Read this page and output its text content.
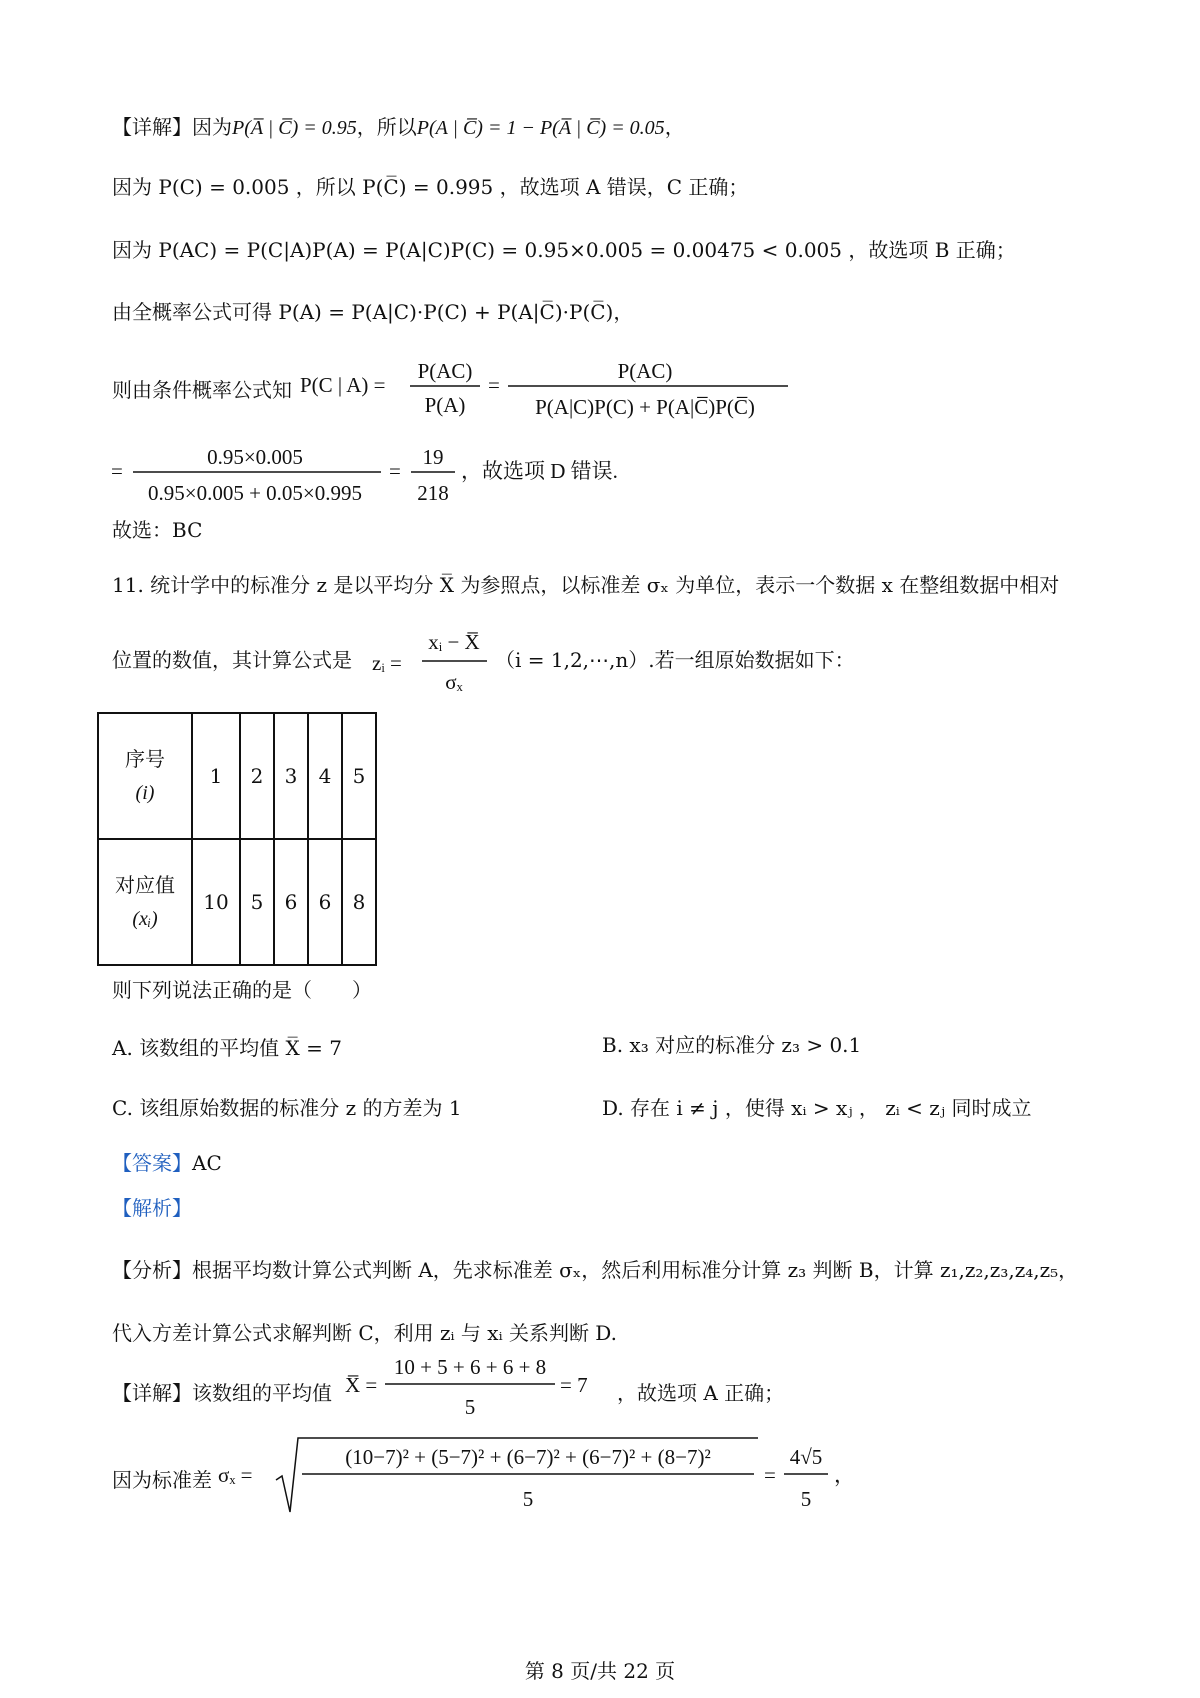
【详解】因为P(A̅ | C̅) = 0.95，所以P(A | C̅) = 1 − P(A̅ | C̅) = 0.05，
因为 P(C) = 0.005 ，所以 P(C̅) = 0.995 ，故选项 A 错误，C 正确；
因为 P(AC) = P(C|A)P(A) = P(A|C)P(C) = 0.95×0.005 = 0.00475 < 0.005 ，故选项 B 正确；
由全概率公式可得 P(A) = P(A|C)·P(C) + P(A|C̅)·P(C̅)，
则由条件概率公式知 P(C | A) =
P(AC)
P(A)
=
P(AC)
P(A|C)P(C) + P(A|C̅)P(C̅)
=
0.95×0.005
0.95×0.005 + 0.05×0.995
=
19
218
，故选项 D 错误.
故选：BC
11. 统计学中的标准分 z 是以平均分 X̅ 为参照点，以标准差 σₓ 为单位，表示一个数据 x 在整组数据中相对
位置的数值，其计算公式是 zᵢ =
xᵢ − X̅
σₓ
（i = 1,2,⋯,n）.若一组原始数据如下：
序号
(i)	1	2	3	4	5

对应值
(xᵢ)	10	5	6	6	8
则下列说法正确的是（　　）
A. 该数组的平均值 X̅ = 7	B. x₃ 对应的标准分 z₃ > 0.1
C. 该组原始数据的标准分 z 的方差为 1	D. 存在 i ≠ j ，使得 xᵢ > xⱼ ， zᵢ < zⱼ 同时成立
【答案】AC
【解析】
【分析】根据平均数计算公式判断 A，先求标准差 σₓ，然后利用标准分计算 z₃ 判断 B，计算 z₁,z₂,z₃,z₄,z₅，
代入方差计算公式求解判断 C，利用 zᵢ 与 xᵢ 关系判断 D.
【详解】该数组的平均值 X̅ =
10 + 5 + 6 + 6 + 8
5
= 7 ，故选项 A 正确；
因为标准差 σₓ =
(10−7)² + (5−7)² + (6−7)² + (6−7)² + (8−7)²
5
=
4√5
5
，
第 8 页/共 22 页
